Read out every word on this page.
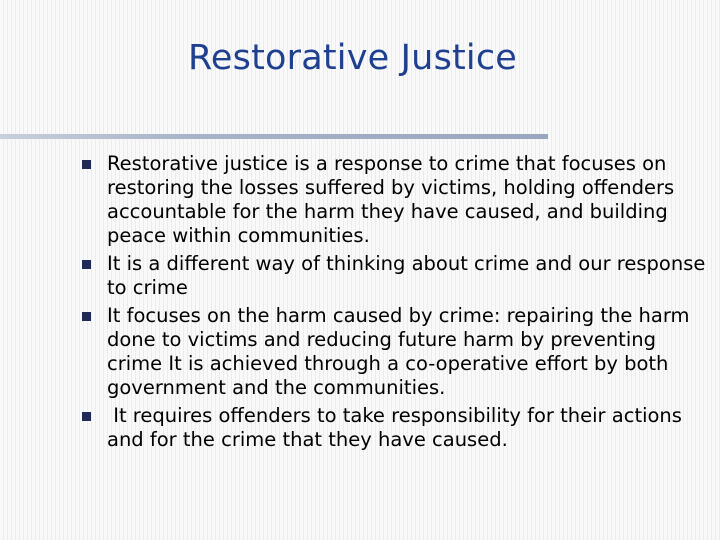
Restorative Justice
Restorative justice is a response to crime that focuses on restoring the losses suffered by victims, holding offenders accountable for the harm they have caused, and building peace within communities.
It is a different way of thinking about crime and our response to crime
It focuses on the harm caused by crime: repairing the harm done to victims and reducing future harm by preventing crime It is achieved through a co-operative effort by both government and the communities.
It requires offenders to take responsibility for their actions and for the crime that they have caused.
